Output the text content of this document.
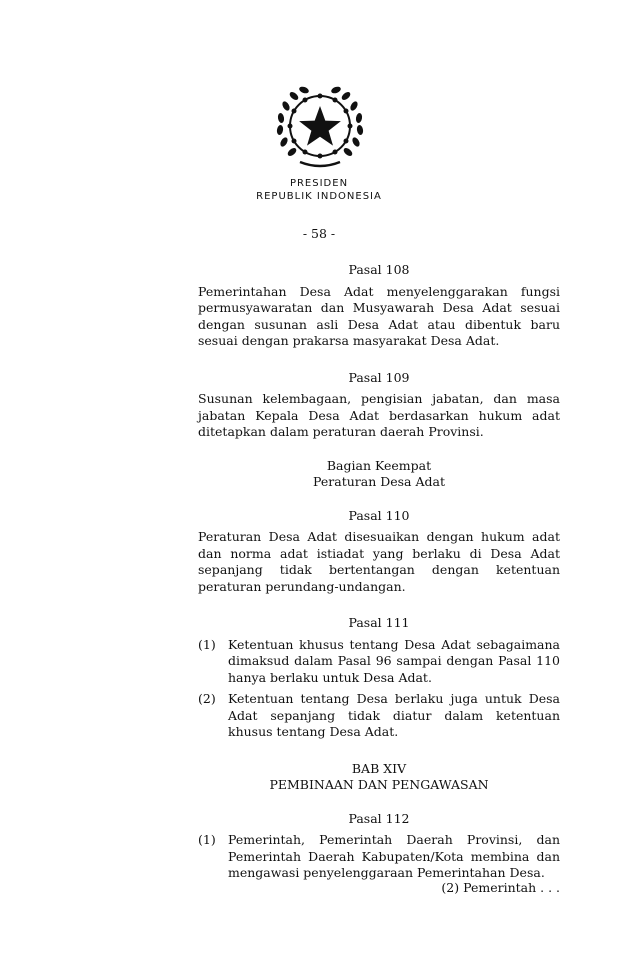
PRESIDEN
REPUBLIK INDONESIA
- 58 -

Pasal 108

Pemerintahan Desa Adat menyelenggarakan fungsi permusyawaratan dan Musyawarah Desa Adat sesuai dengan susunan asli Desa Adat atau dibentuk baru sesuai dengan prakarsa masyarakat Desa Adat.

Pasal 109

Susunan kelembagaan, pengisian jabatan, dan masa jabatan Kepala Desa Adat berdasarkan hukum adat ditetapkan dalam peraturan daerah Provinsi.

Bagian Keempat

Peraturan Desa Adat

Pasal 110

Peraturan Desa Adat disesuaikan dengan hukum adat dan norma adat istiadat yang berlaku di Desa Adat sepanjang tidak bertentangan dengan ketentuan peraturan perundang-undangan.

Pasal 111

(1) Ketentuan khusus tentang Desa Adat sebagaimana dimaksud dalam Pasal 96 sampai dengan Pasal 110 hanya berlaku untuk Desa Adat.
(2) Ketentuan tentang Desa berlaku juga untuk Desa Adat sepanjang tidak diatur dalam ketentuan khusus tentang Desa Adat.

BAB XIV

PEMBINAAN DAN PENGAWASAN

Pasal 112

(1) Pemerintah, Pemerintah Daerah Provinsi, dan Pemerintah Daerah Kabupaten/Kota membina dan mengawasi penyelenggaraan Pemerintahan Desa.
(2) Pemerintah . . .
